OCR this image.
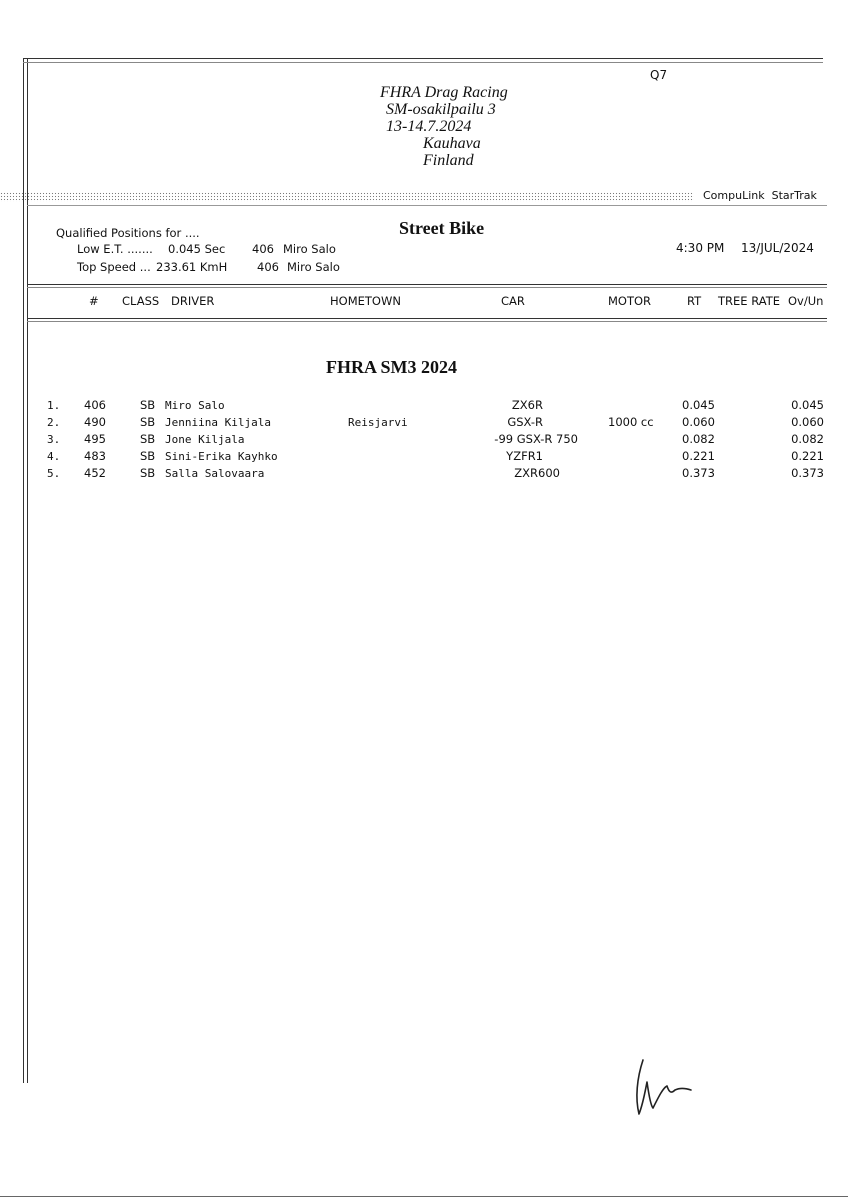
Q7
FHRA Drag Racing
SM-osakilpailu 3
13-14.7.2024
Kauhava
Finland
CompuLink  StarTrak
Qualified Positions for ....
Low E.T. ....... 0.045 Sec 406 Miro Salo
Top Speed ... 233.61 KmH	406 Miro Salo
Street Bike
4:30 PM 13/JUL/2024
# CLASS DRIVER	HOMETOWN	CAR	MOTOR	RT TREE RATE Ov/Un
FHRA SM3 2024
1. 406	SB Miro Salo	ZX6R	0.045	0.045
2. 490	SB Jenniina Kiljala	Reisjarvi	GSX-R	1000 cc 0.060	0.060
3. 495	SB Jone Kiljala	-99 GSX-R 750	0.082	0.082
4. 483	SB Sini-Erika Kayhko	YZFR1	0.221	0.221
5. 452	SB Salla Salovaara	ZXR600	0.373	0.373
